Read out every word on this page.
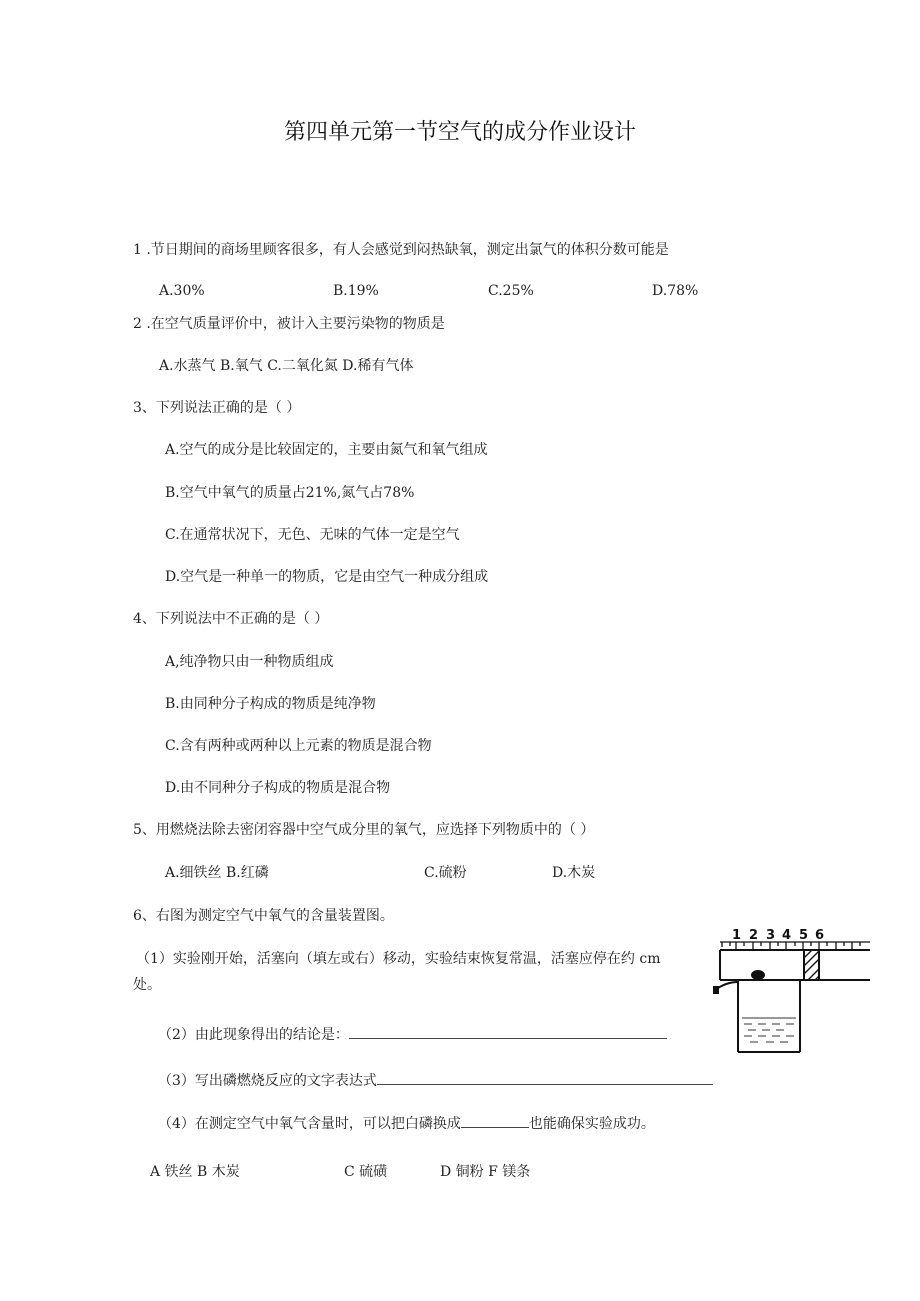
第四单元第一节空气的成分作业设计
1 .节日期间的商场里顾客很多，有人会感觉到闷热缺氧，测定出氯气的体积分数可能是
A.30%	B.19%	C.25%	D.78%
2 .在空气质量评价中，被计入主要污染物的物质是
A.水蒸气 B.氧气 C.二氧化氮 D.稀有气体
3、下列说法正确的是（ ）
A.空气的成分是比较固定的，主要由氮气和氧气组成
B.空气中氧气的质量占21%,氮气占78%
C.在通常状况下，无色、无味的气体一定是空气
D.空气是一种单一的物质，它是由空气一种成分组成
4、下列说法中不正确的是（ ）
A,纯净物只由一种物质组成
B.由同种分子构成的物质是纯净物
C.含有两种或两种以上元素的物质是混合物
D.由不同种分子构成的物质是混合物
5、用燃烧法除去密闭容器中空气成分里的氧气，应选择下列物质中的（ ）
A.细铁丝 B.红磷	C.硫粉	D.木炭
6、右图为测定空气中氧气的含量装置图。
（1）实验刚开始，活塞向（填左或右）移动，实验结束恢复常温，活塞应停在约 cm
处。
（2）由此现象得出的结论是：
（3）写出磷燃烧反应的文字表达式
（4）在测定空气中氧气含量时，可以把白磷换成	也能确保实验成功。
A 铁丝 B 木炭	C 硫磺	D 铜粉 F 镁条
1 2 3 4 5 6
